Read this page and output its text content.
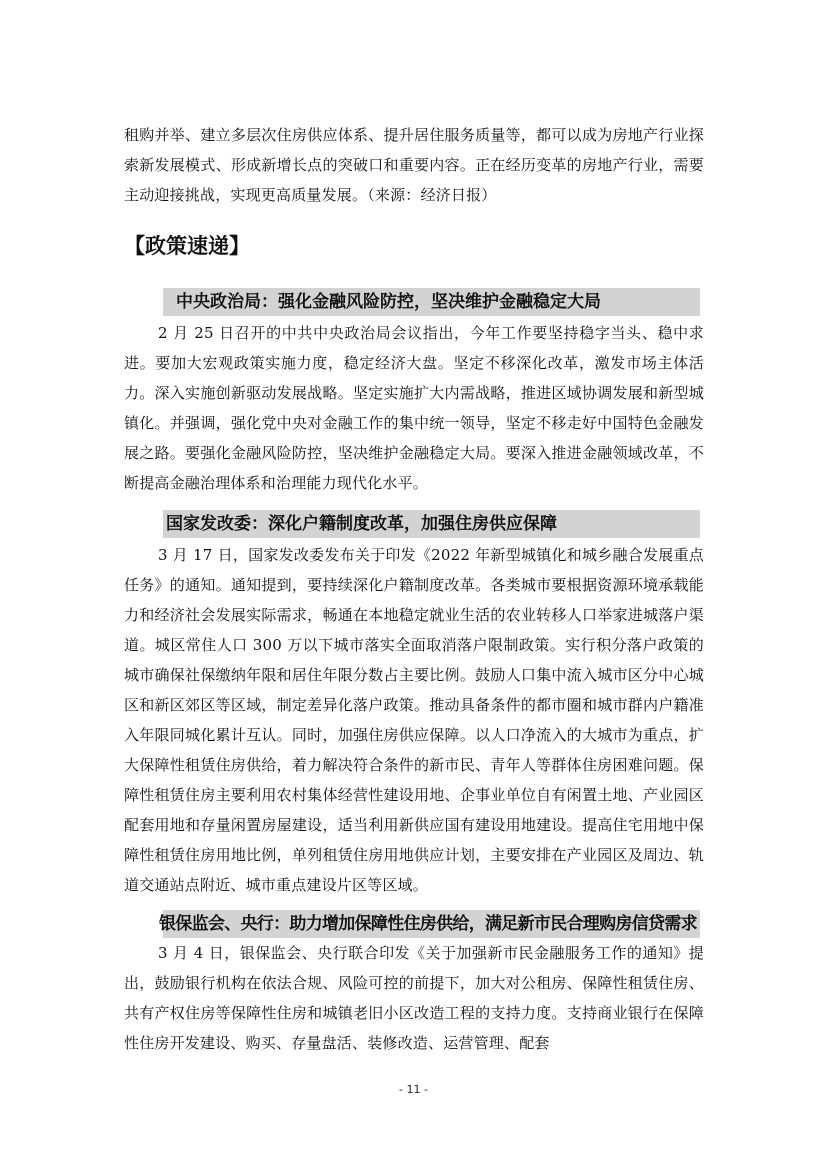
租购并举、建立多层次住房供应体系、提升居住服务质量等，都可以成为房地产行业探索新发展模式、形成新增长点的突破口和重要内容。正在经历变革的房地产行业，需要主动迎接挑战，实现更高质量发展。（来源：经济日报）

【政策速递】
中央政治局：强化金融风险防控，坚决维护金融稳定大局

2 月 25 日召开的中共中央政治局会议指出，今年工作要坚持稳字当头、稳中求进。要加大宏观政策实施力度，稳定经济大盘。坚定不移深化改革，激发市场主体活力。深入实施创新驱动发展战略。坚定实施扩大内需战略，推进区域协调发展和新型城镇化。并强调，强化党中央对金融工作的集中统一领导，坚定不移走好中国特色金融发展之路。要强化金融风险防控，坚决维护金融稳定大局。要深入推进金融领域改革，不断提高金融治理体系和治理能力现代化水平。

国家发改委：深化户籍制度改革，加强住房供应保障

3 月 17 日，国家发改委发布关于印发《2022 年新型城镇化和城乡融合发展重点任务》的通知。通知提到，要持续深化户籍制度改革。各类城市要根据资源环境承载能力和经济社会发展实际需求，畅通在本地稳定就业生活的农业转移人口举家进城落户渠道。城区常住人口 300 万以下城市落实全面取消落户限制政策。实行积分落户政策的城市确保社保缴纳年限和居住年限分数占主要比例。鼓励人口集中流入城市区分中心城区和新区郊区等区域，制定差异化落户政策。推动具备条件的都市圈和城市群内户籍准入年限同城化累计互认。同时，加强住房供应保障。以人口净流入的大城市为重点，扩大保障性租赁住房供给，着力解决符合条件的新市民、青年人等群体住房困难问题。保障性租赁住房主要利用农村集体经营性建设用地、企事业单位自有闲置土地、产业园区配套用地和存量闲置房屋建设，适当利用新供应国有建设用地建设。提高住宅用地中保障性租赁住房用地比例，单列租赁住房用地供应计划，主要安排在产业园区及周边、轨道交通站点附近、城市重点建设片区等区域。

银保监会、央行：助力增加保障性住房供给，满足新市民合理购房信贷需求

3 月 4 日，银保监会、央行联合印发《关于加强新市民金融服务工作的通知》提出，鼓励银行机构在依法合规、风险可控的前提下，加大对公租房、保障性租赁住房、共有产权住房等保障性住房和城镇老旧小区改造工程的支持力度。支持商业银行在保障性住房开发建设、购买、存量盘活、装修改造、运营管理、配套

- 11 -
